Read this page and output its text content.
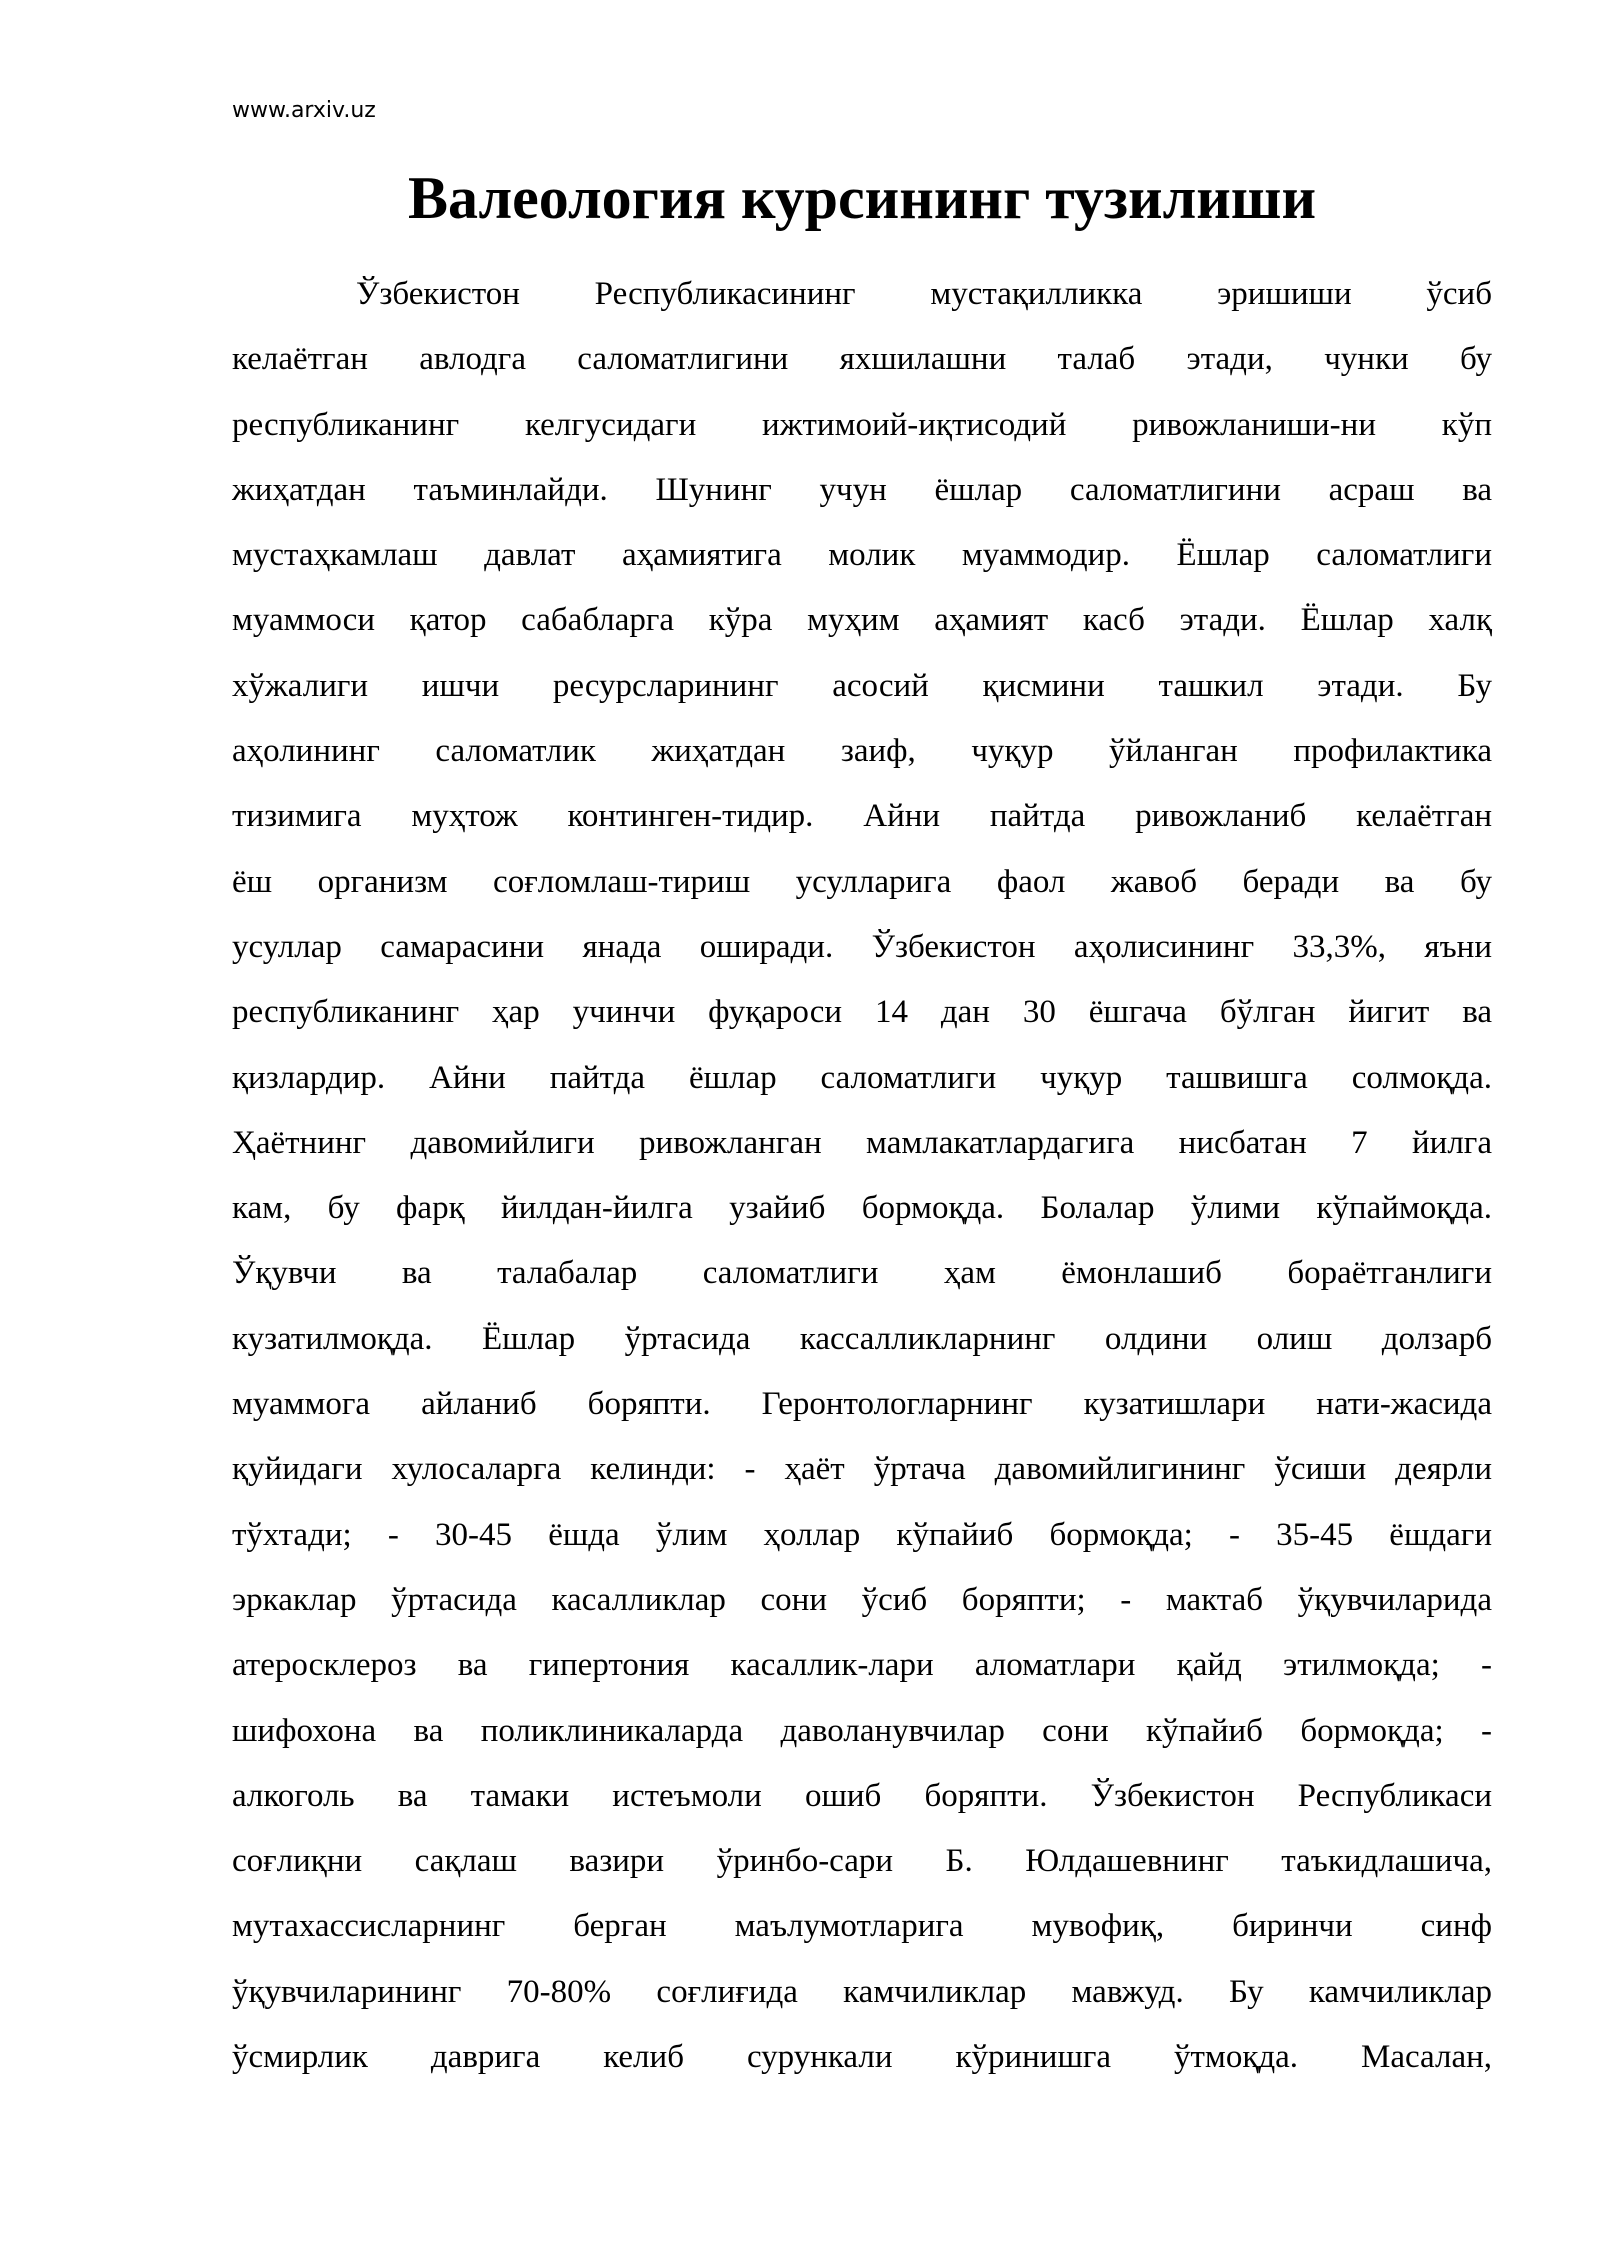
www.arxiv.uz
Валеология курсининг тузилиши
Ўзбекистон Республикасининг мустақилликка эришиши ўсиб
келаётган авлодга саломатлигини яхшилашни талаб этади, чунки бу
республиканинг келгусидаги ижтимоий-иқтисодий ривожланиши-ни кўп
жиҳатдан таъминлайди. Шунинг учун ёшлар саломатлигини асраш ва
мустаҳкамлаш давлат аҳамиятига молик муаммодир. Ёшлар саломатлиги
муаммоси қатор сабабларга кўра муҳим аҳамият касб этади. Ёшлар халқ
хўжалиги ишчи ресурсларининг асосий қисмини ташкил этади. Бу
аҳолининг саломатлик жиҳатдан заиф, чуқур ўйланган профилактика
тизимига муҳтож континген-тидир. Айни пайтда ривожланиб келаётган
ёш организм соғломлаш-тириш усулларига фаол жавоб беради ва бу
усуллар самарасини янада оширади. Ўзбекистон аҳолисининг 33,3%, яъни
республиканинг ҳар учинчи фуқароси 14 дан 30 ёшгача бўлган йигит ва
қизлардир. Айни пайтда ёшлар саломатлиги чуқур ташвишга солмоқда.
Ҳаётнинг давомийлиги ривожланган мамлакатлардагига нисбатан 7 йилга
кам, бу фарқ йилдан-йилга узайиб бормоқда. Болалар ўлими кўпаймоқда.
Ўқувчи ва талабалар саломатлиги ҳам ёмонлашиб бораётганлиги
кузатилмоқда. Ёшлар ўртасида кассалликларнинг олдини олиш долзарб
муаммога айланиб боряпти. Геронтологларнинг кузатишлари нати-жасида
қуйидаги хулосаларга келинди: - ҳаёт ўртача давомийлигининг ўсиши деярли
тўхтади; - 30-45 ёшда ўлим ҳоллар кўпайиб бормоқда; - 35-45 ёшдаги
эркаклар ўртасида касалликлар сони ўсиб боряпти; - мактаб ўқувчиларида
атеросклероз ва гипертония касаллик-лари аломатлари қайд этилмоқда; -
шифохона ва поликлиникаларда даволанувчилар сони кўпайиб бормоқда; -
алкоголь ва тамаки истеъмоли ошиб боряпти. Ўзбекистон Республикаси
соғлиқни сақлаш вазири ўринбо-сари Б. Юлдашевнинг таъкидлашича,
мутахассисларнинг берган маълумотларига мувофиқ, биринчи синф
ўқувчиларининг 70-80% соғлиғида камчиликлар мавжуд. Бу камчиликлар
ўсмирлик даврига келиб сурункали кўринишга ўтмоқда. Масалан,
